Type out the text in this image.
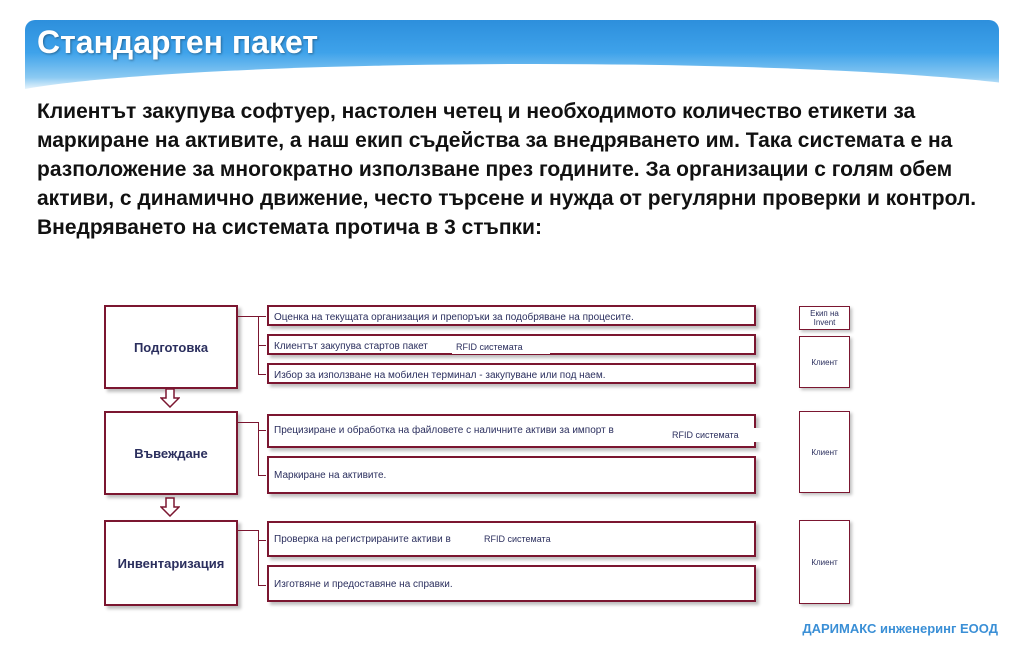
Стандартен пакет

Клиентът закупува софтуер, настолен четец и необходимото количество етикети за маркиране на активите, а наш екип съдейства за внедряването им. Така системата е на разположение за многократно използване през годините. За организации с голям обем активи, с динамично движение, често търсене и нужда от регулярни проверки и контрол.

Внедряването на системата протича в 3 стъпки:

Подготовка
Оценка на текущата организация и препоръки за подобряване на процесите.
Клиентът закупува стартов пакет	RFID системата
Избор за използване на мобилен терминал - закупуване или под наем.
Екип на Invent
Клиент
Въвеждане
Прецизиране и обработка на файловете с наличните активи за импорт в	RFID системата
Маркиране на активите.
Клиент
Инвентаризация
Проверка на регистрираните активи в	RFID системата
Изготвяне и предоставяне на справки.
Клиент
ДАРИМАКС инженеринг ЕООД
